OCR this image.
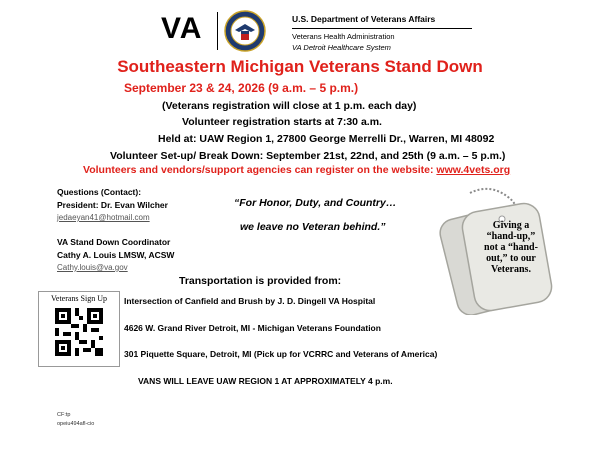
VA	U.S. Department of Veterans Affairs
Veterans Health Administration
VA Detroit Healthcare System
Southeastern Michigan Veterans Stand Down
September 23 & 24, 2026 (9 a.m. – 5 p.m.)
(Veterans registration will close at 1 p.m. each day)
Volunteer registration starts at 7:30 a.m.
Held at: UAW Region 1, 27800 George Merrelli Dr., Warren, MI 48092
Volunteer Set-up/ Break Down: September 21st, 22nd, and 25th (9 a.m. – 5 p.m.)
Volunteers and vendors/support agencies can register on the website: www.4vets.org
Questions (Contact):
President: Dr. Evan Wilcher
jedaeyan41@hotmail.com
VA Stand Down Coordinator
Cathy A. Louis LMSW, ACSW
Cathy.louis@va.gov
“For Honor, Duty, and Country…
we leave no Veteran behind.”	Giving a
“hand-up,”
not a “hand-
out,” to our
Veterans.
Veterans Sign Up
Transportation is provided from:
Intersection of Canfield and Brush by J. D. Dingell VA Hospital
4626 W. Grand River Detroit, MI - Michigan Veterans Foundation
301 Piquette Square, Detroit, MI (Pick up for VCRRC and Veterans of America)
VANS WILL LEAVE UAW REGION 1 AT APPROXIMATELY 4 p.m.
CF:tp
opeiu494afl-cio
